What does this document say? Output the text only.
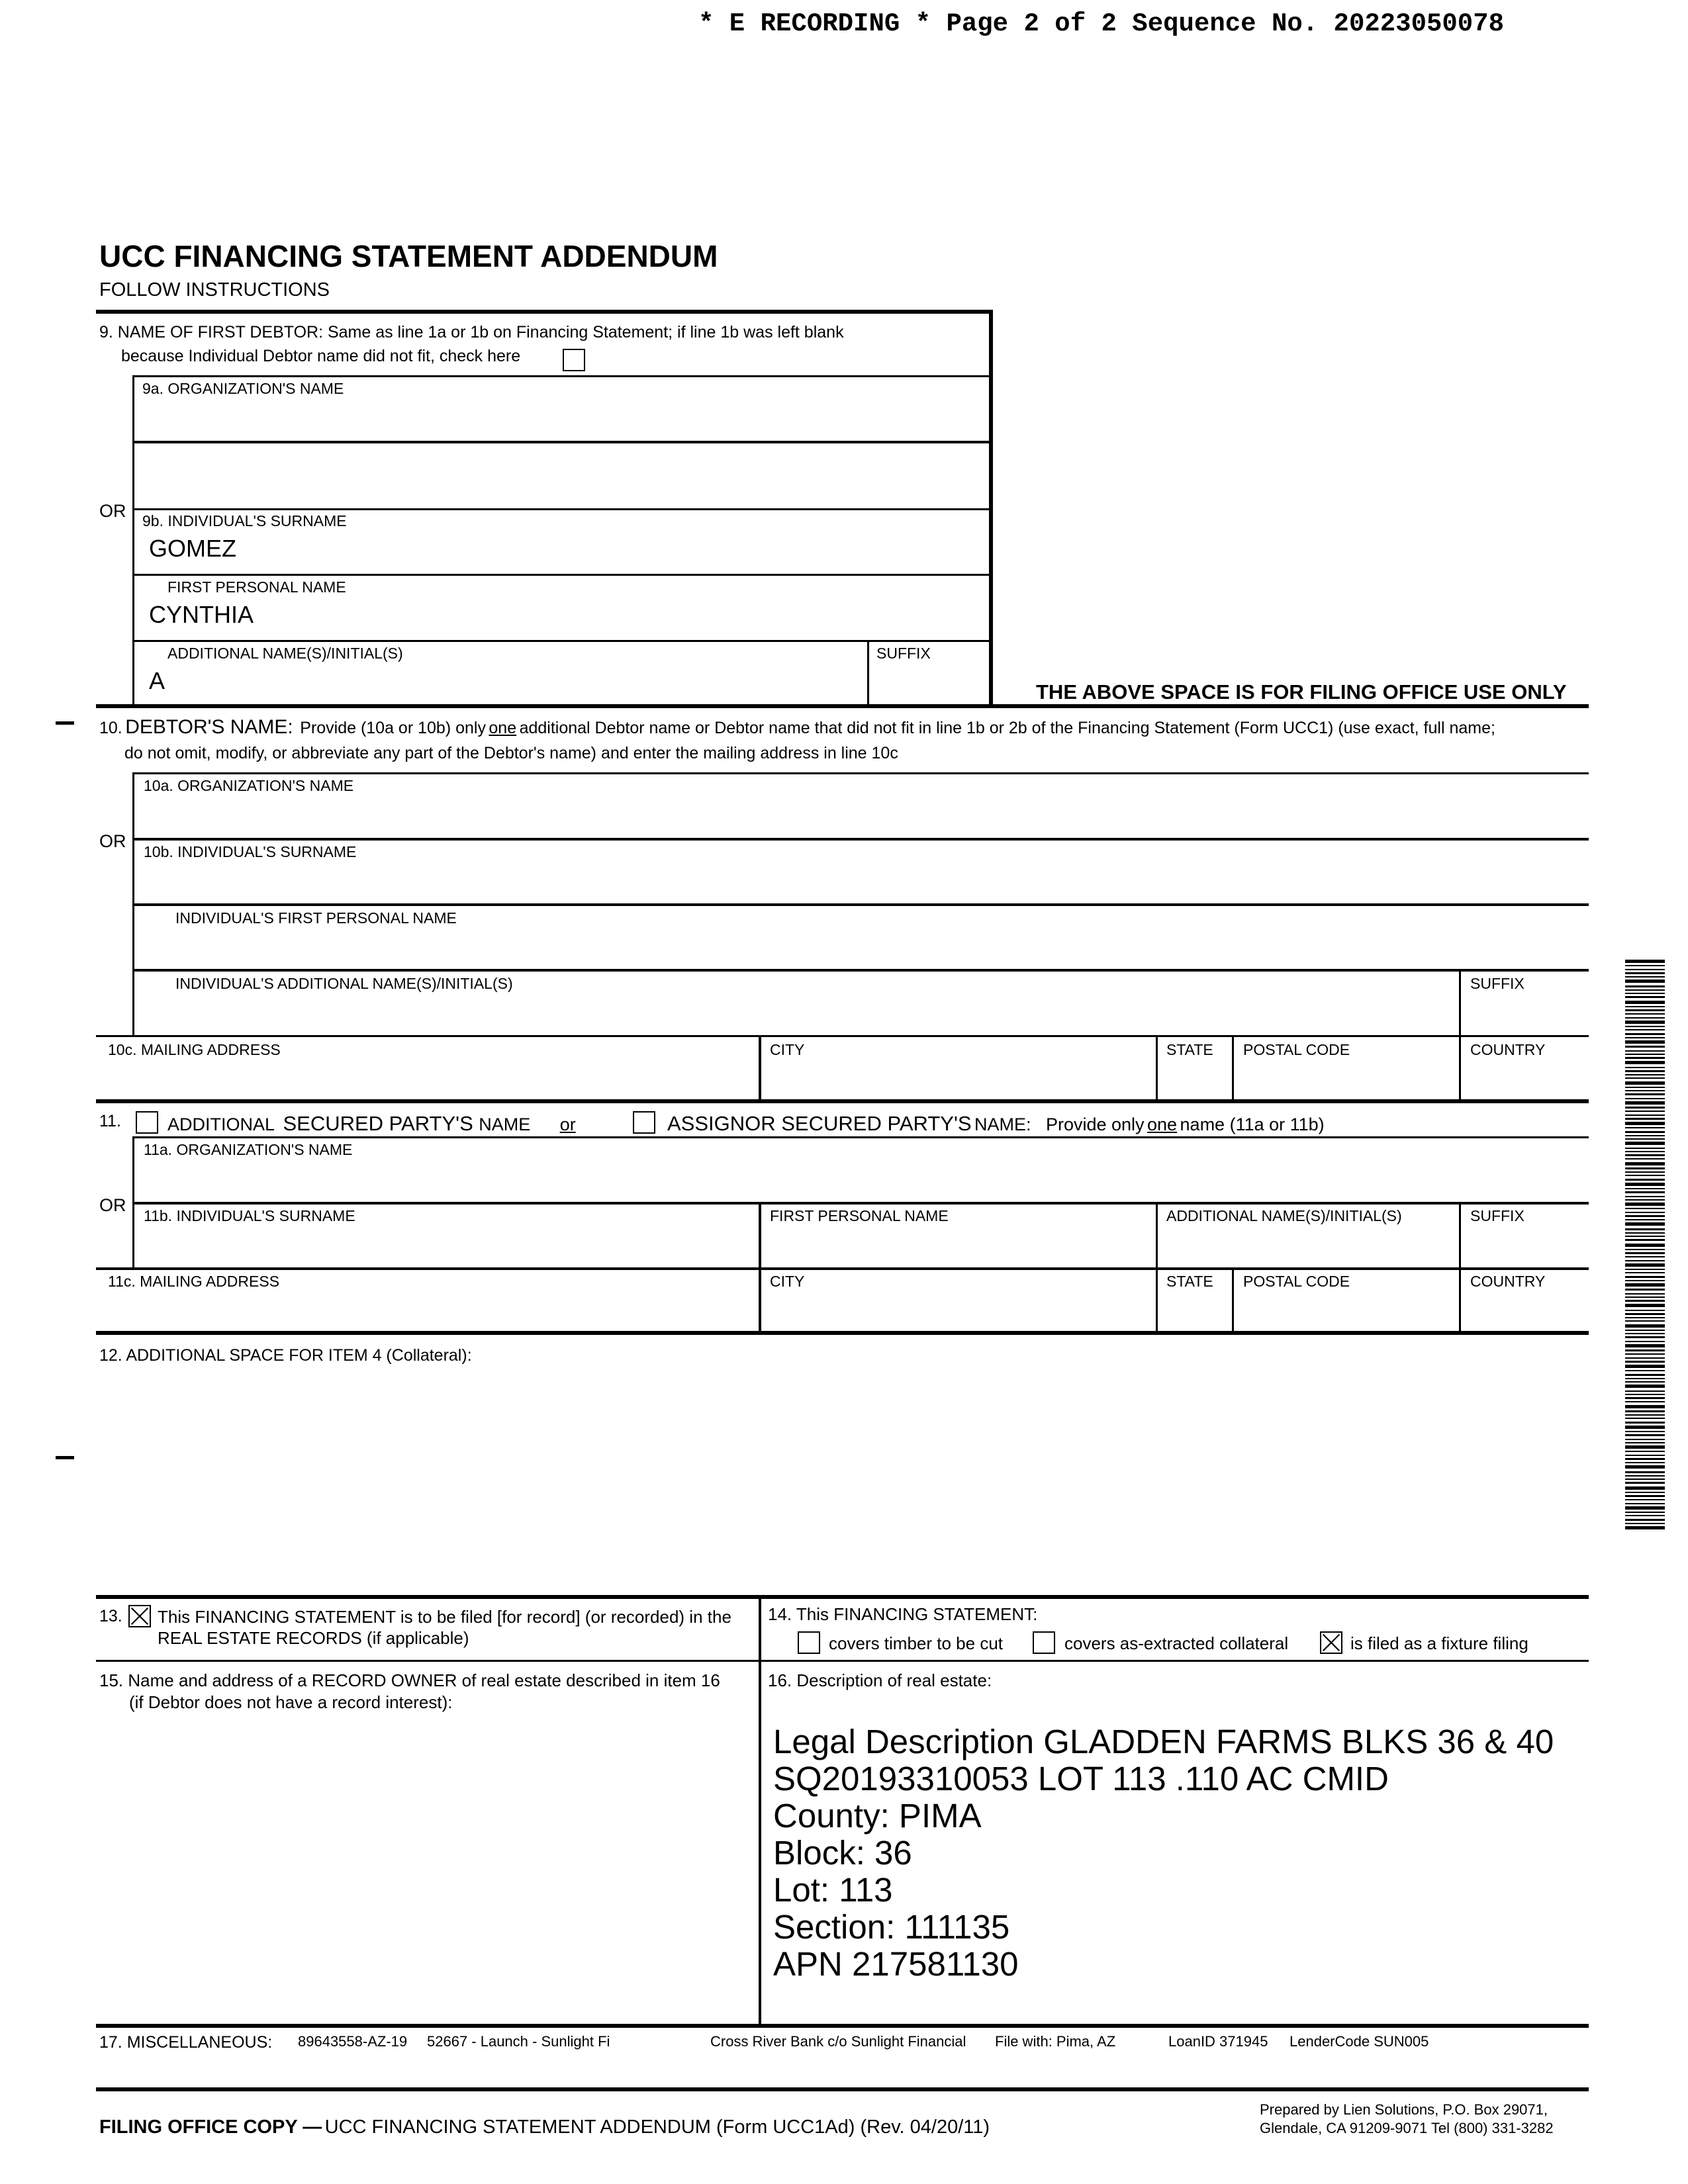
* E RECORDING * Page 2 of 2 Sequence No. 20223050078
UCC FINANCING STATEMENT ADDENDUM
FOLLOW INSTRUCTIONS
9. NAME OF FIRST DEBTOR: Same as line 1a or 1b on Financing Statement; if line 1b was left blank
because Individual Debtor name did not fit, check here
9a. ORGANIZATION'S NAME
OR 9b. INDIVIDUAL'S SURNAME
GOMEZ
FIRST PERSONAL NAME
CYNTHIA
ADDITIONAL NAME(S)/INITIAL(S)
A
SUFFIX
THE ABOVE SPACE IS FOR FILING OFFICE USE ONLY
10. DEBTOR'S NAME: Provide (10a or 10b) only one additional Debtor name or Debtor name that did not fit in line 1b or 2b of the Financing Statement (Form UCC1) (use exact, full name;
do not omit, modify, or abbreviate any part of the Debtor's name) and enter the mailing address in line 10c
10a. ORGANIZATION'S NAME
OR
10b. INDIVIDUAL'S SURNAME
INDIVIDUAL'S FIRST PERSONAL NAME
INDIVIDUAL'S ADDITIONAL NAME(S)/INITIAL(S)	SUFFIX
10c. MAILING ADDRESS	CITY	STATE POSTAL CODE	COUNTRY
11.	ADDITIONAL SECURED PARTY'S NAME or	ASSIGNOR SECURED PARTY'S NAME: Provide only one name (11a or 11b)
11a. ORGANIZATION'S NAME
OR
11b. INDIVIDUAL'S SURNAME	FIRST PERSONAL NAME	ADDITIONAL NAME(S)/INITIAL(S)	SUFFIX
11c. MAILING ADDRESS	CITY	STATE POSTAL CODE	COUNTRY
12. ADDITIONAL SPACE FOR ITEM 4 (Collateral):
13. This FINANCING STATEMENT is to be filed [for record] (or recorded) in the
REAL ESTATE RECORDS (if applicable)
14. This FINANCING STATEMENT:
covers timber to be cut	covers as-extracted collateral	is filed as a fixture filing
15. Name and address of a RECORD OWNER of real estate described in item 16
(if Debtor does not have a record interest):
16. Description of real estate:
Legal Description GLADDEN FARMS BLKS 36 & 40
SQ20193310053 LOT 113 .110 AC CMID
County: PIMA
Block: 36
Lot: 113
Section: 111135
APN 217581130
17. MISCELLANEOUS: 89643558-AZ-19 52667 - Launch - Sunlight Fi	Cross River Bank c/o Sunlight Financial File with: Pima, AZ	LoanID 371945 LenderCode SUN005
FILING OFFICE COPY — UCC FINANCING STATEMENT ADDENDUM (Form UCC1Ad) (Rev. 04/20/11)
Prepared by Lien Solutions, P.O. Box 29071,
Glendale, CA 91209-9071 Tel (800) 331-3282
